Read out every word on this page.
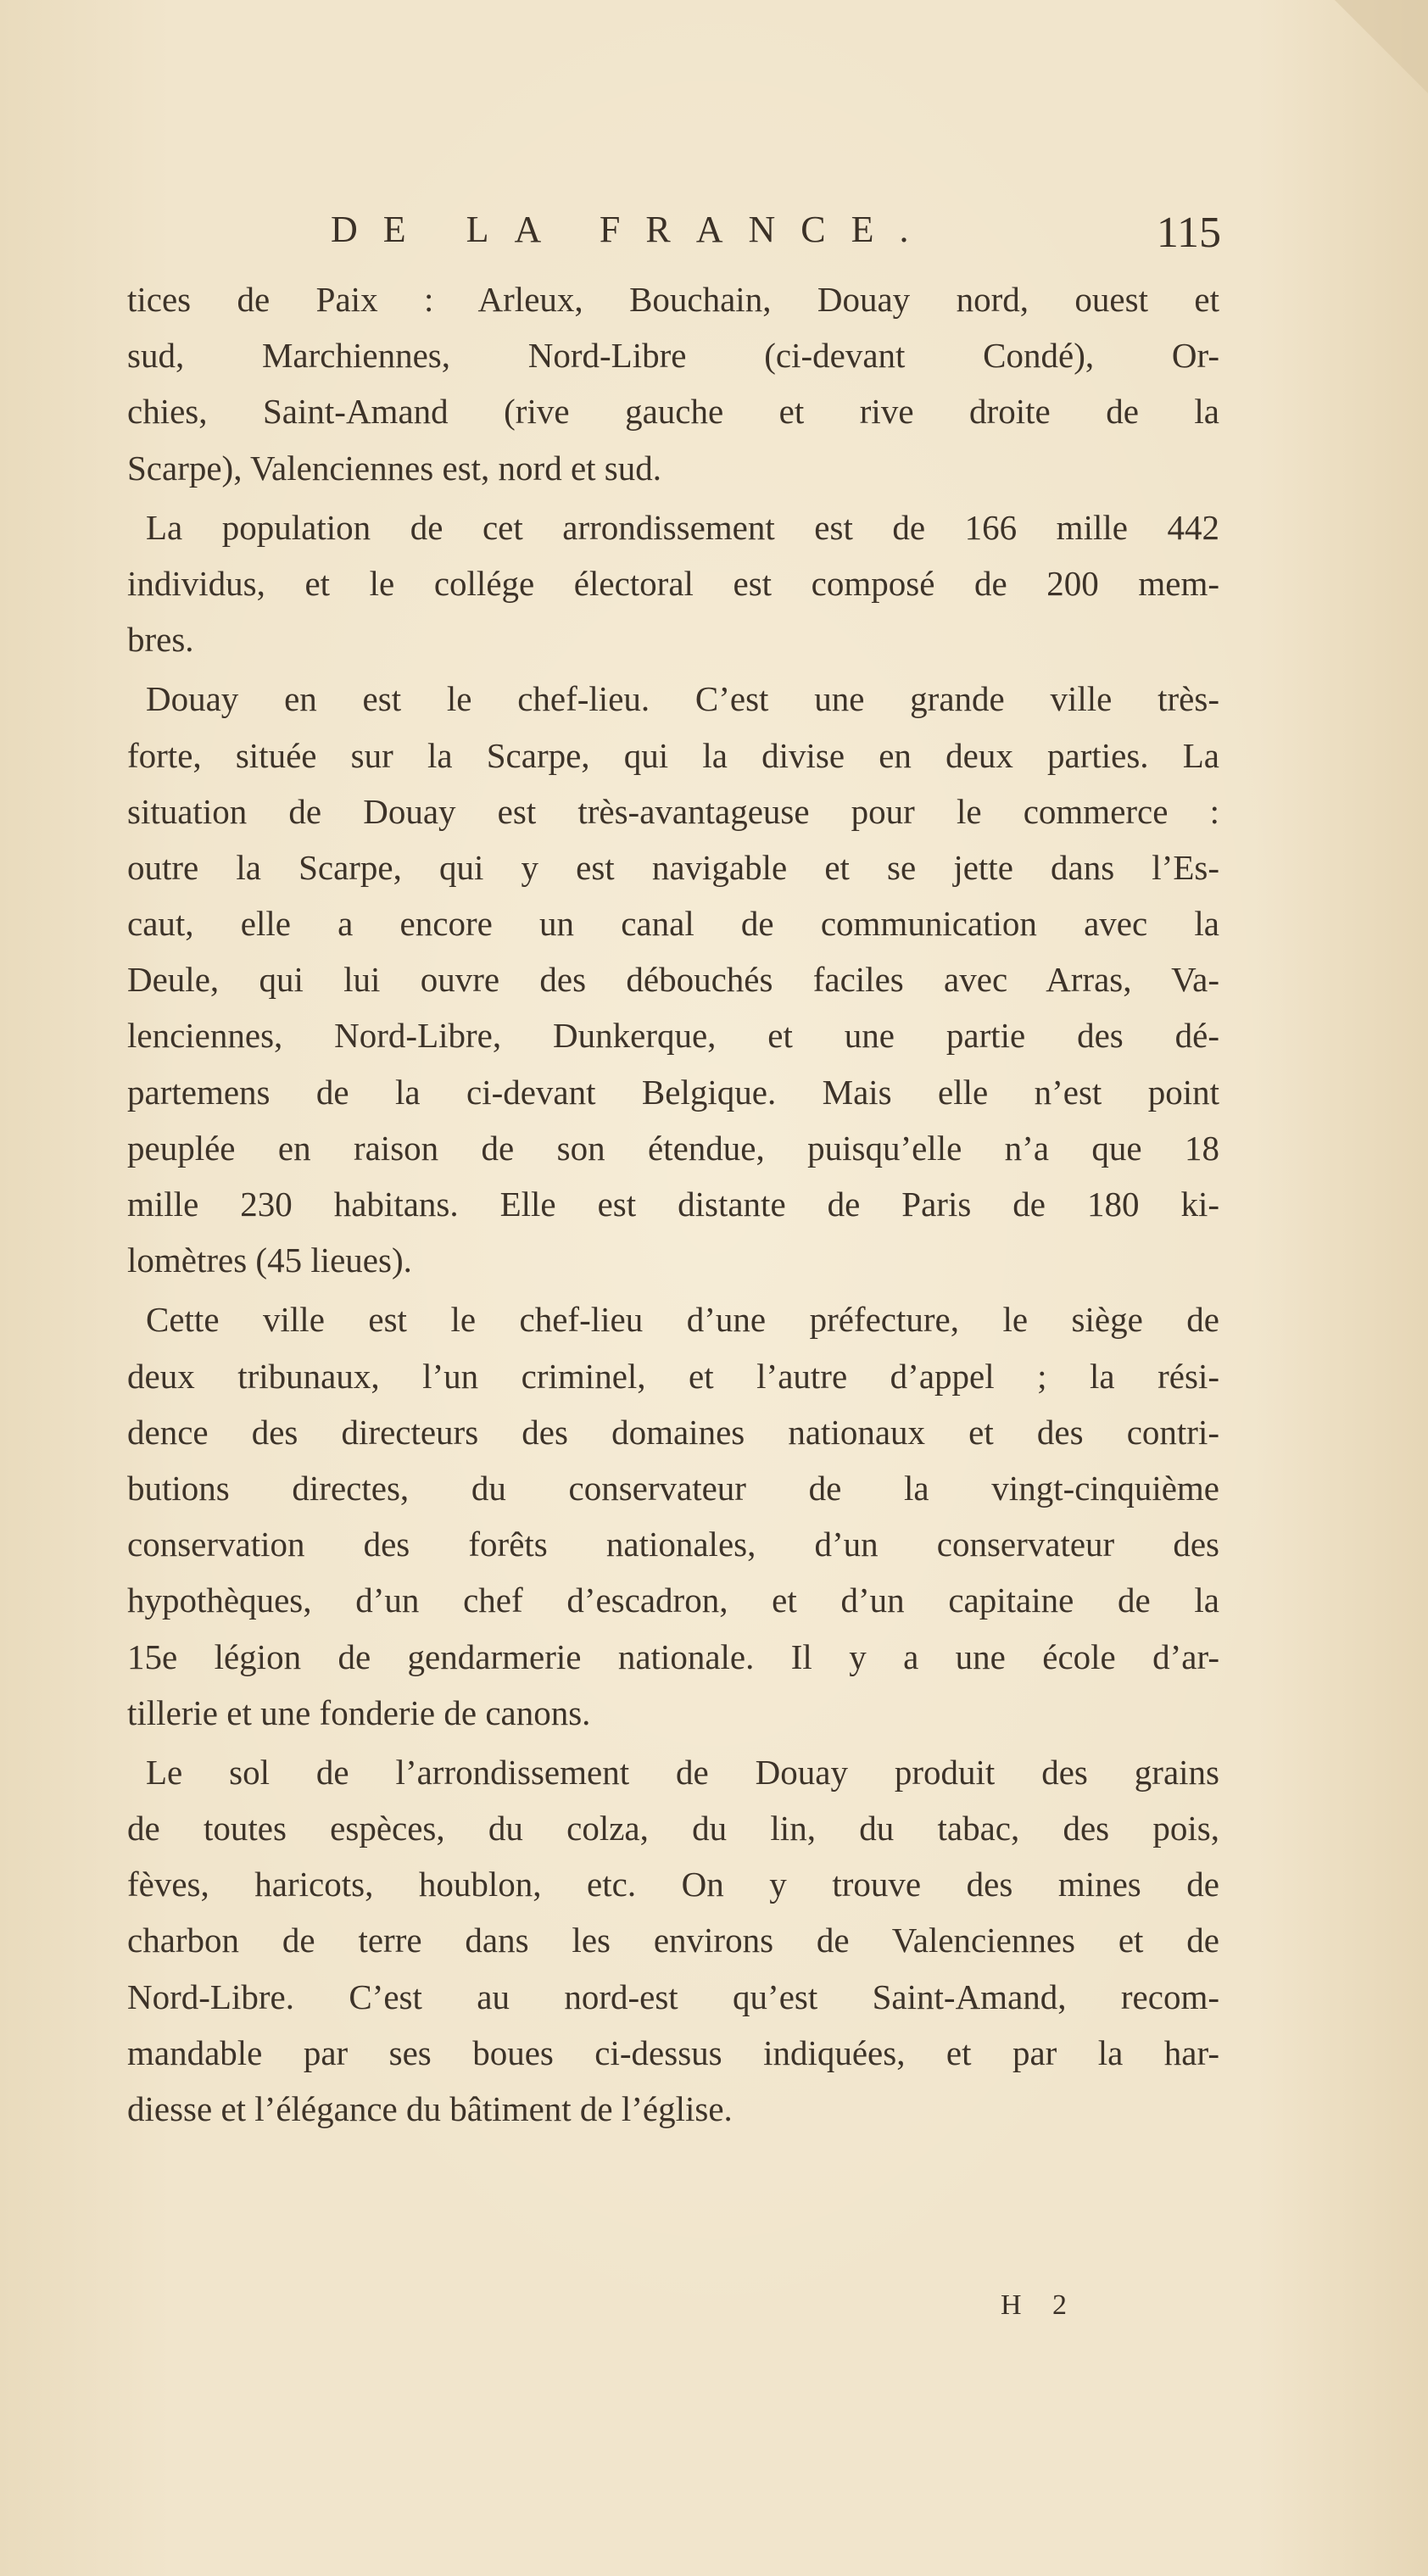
DE LA FRANCE.	115
tices de Paix : Arleux, Bouchain, Douay nord, ouest et
sud, Marchiennes, Nord-Libre (ci-devant Condé), Or-
chies, Saint-Amand (rive gauche et rive droite de la
Scarpe), Valenciennes est, nord et sud.
La population de cet arrondissement est de 166 mille 442
individus, et le collége électoral est composé de 200 mem-
bres.
Douay en est le chef-lieu. C’est une grande ville très-
forte, située sur la Scarpe, qui la divise en deux parties. La
situation de Douay est très-avantageuse pour le commerce :
outre la Scarpe, qui y est navigable et se jette dans l’Es-
caut, elle a encore un canal de communication avec la
Deule, qui lui ouvre des débouchés faciles avec Arras, Va-
lenciennes, Nord-Libre, Dunkerque, et une partie des dé-
partemens de la ci-devant Belgique. Mais elle n’est point
peuplée en raison de son étendue, puisqu’elle n’a que 18
mille 230 habitans. Elle est distante de Paris de 180 ki-
lomètres (45 lieues).
Cette ville est le chef-lieu d’une préfecture, le siège de
deux tribunaux, l’un criminel, et l’autre d’appel ; la rési-
dence des directeurs des domaines nationaux et des contri-
butions directes, du conservateur de la vingt-cinquième
conservation des forêts nationales, d’un conservateur des
hypothèques, d’un chef d’escadron, et d’un capitaine de la
15e légion de gendarmerie nationale. Il y a une école d’ar-
tillerie et une fonderie de canons.
Le sol de l’arrondissement de Douay produit des grains
de toutes espèces, du colza, du lin, du tabac, des pois,
fèves, haricots, houblon, etc. On y trouve des mines de
charbon de terre dans les environs de Valenciennes et de
Nord-Libre. C’est au nord-est qu’est Saint-Amand, recom-
mandable par ses boues ci-dessus indiquées, et par la har-
diesse et l’élégance du bâtiment de l’église.
H 2
